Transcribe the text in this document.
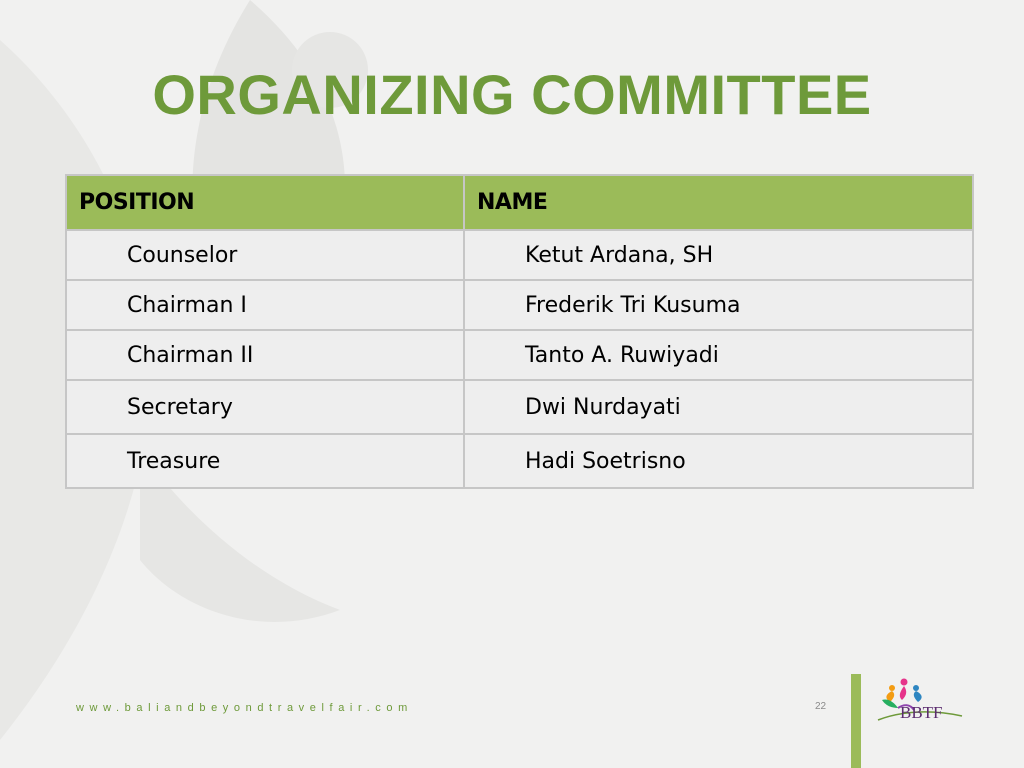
ORGANIZING COMMITTEE
POSITION	NAME
Counselor	Ketut Ardana, SH
Chairman I	Frederik Tri Kusuma
Chairman II	Tanto A. Ruwiyadi
Secretary	Dwi Nurdayati
Treasure	Hadi Soetrisno
www.baliandbeyondtravelfair.com	22	BBTF
